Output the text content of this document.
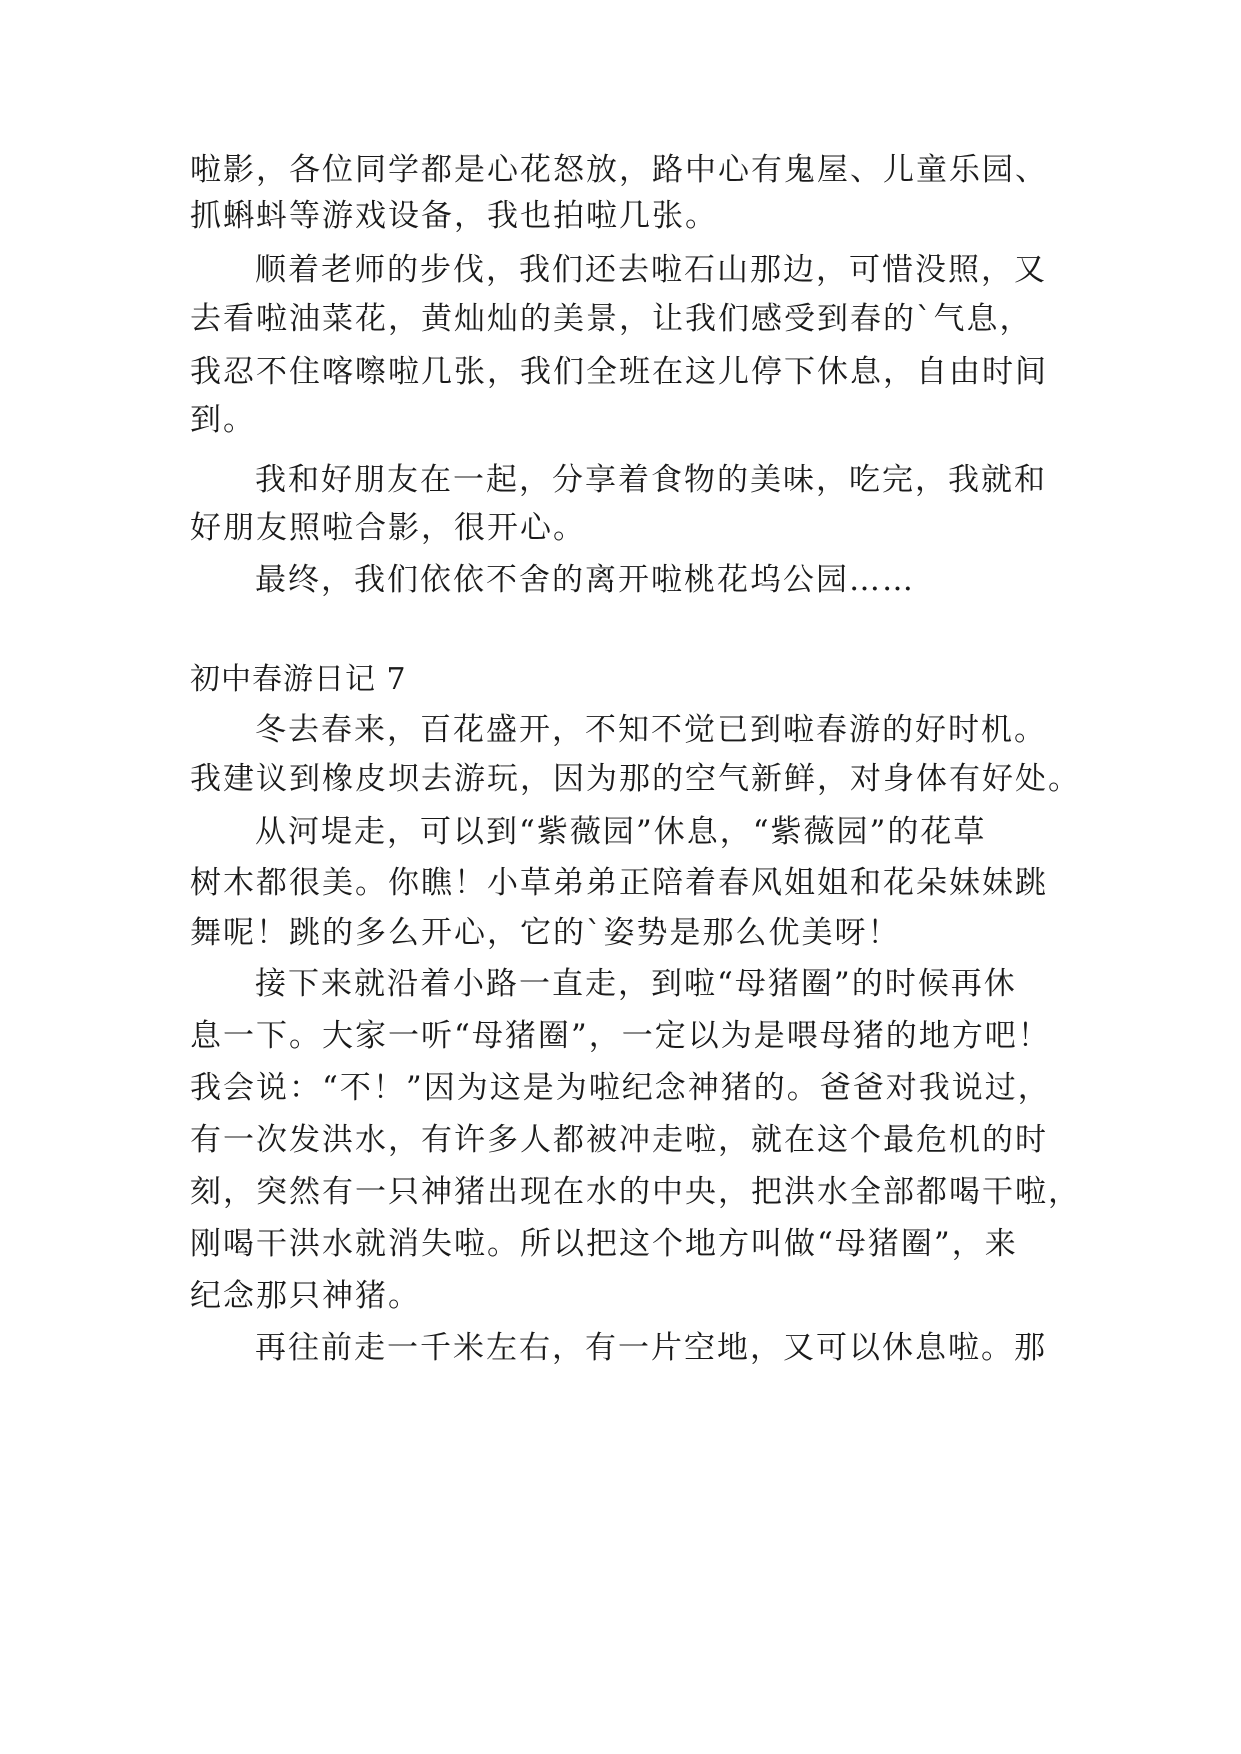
啦影，各位同学都是心花怒放，路中心有鬼屋、儿童乐园、
抓蝌蚪等游戏设备，我也拍啦几张。
顺着老师的步伐，我们还去啦石山那边，可惜没照，又
去看啦油菜花，黄灿灿的美景，让我们感受到春的`气息，
我忍不住喀嚓啦几张，我们全班在这儿停下休息，自由时间
到。
我和好朋友在一起，分享着食物的美味，吃完，我就和
好朋友照啦合影，很开心。
最终，我们依依不舍的离开啦桃花坞公园……
初中春游日记 7
冬去春来，百花盛开，不知不觉已到啦春游的好时机。
我建议到橡皮坝去游玩，因为那的空气新鲜，对身体有好处。
从河堤走，可以到“紫薇园”休息，“紫薇园”的花草
树木都很美。你瞧！小草弟弟正陪着春风姐姐和花朵妹妹跳
舞呢！跳的多么开心，它的`姿势是那么优美呀！
接下来就沿着小路一直走，到啦“母猪圈”的时候再休
息一下。大家一听“母猪圈”，一定以为是喂母猪的地方吧！
我会说：“不！”因为这是为啦纪念神猪的。爸爸对我说过，
有一次发洪水，有许多人都被冲走啦，就在这个最危机的时
刻，突然有一只神猪出现在水的中央，把洪水全部都喝干啦，
刚喝干洪水就消失啦。所以把这个地方叫做“母猪圈”，来
纪念那只神猪。
再往前走一千米左右，有一片空地，又可以休息啦。那
